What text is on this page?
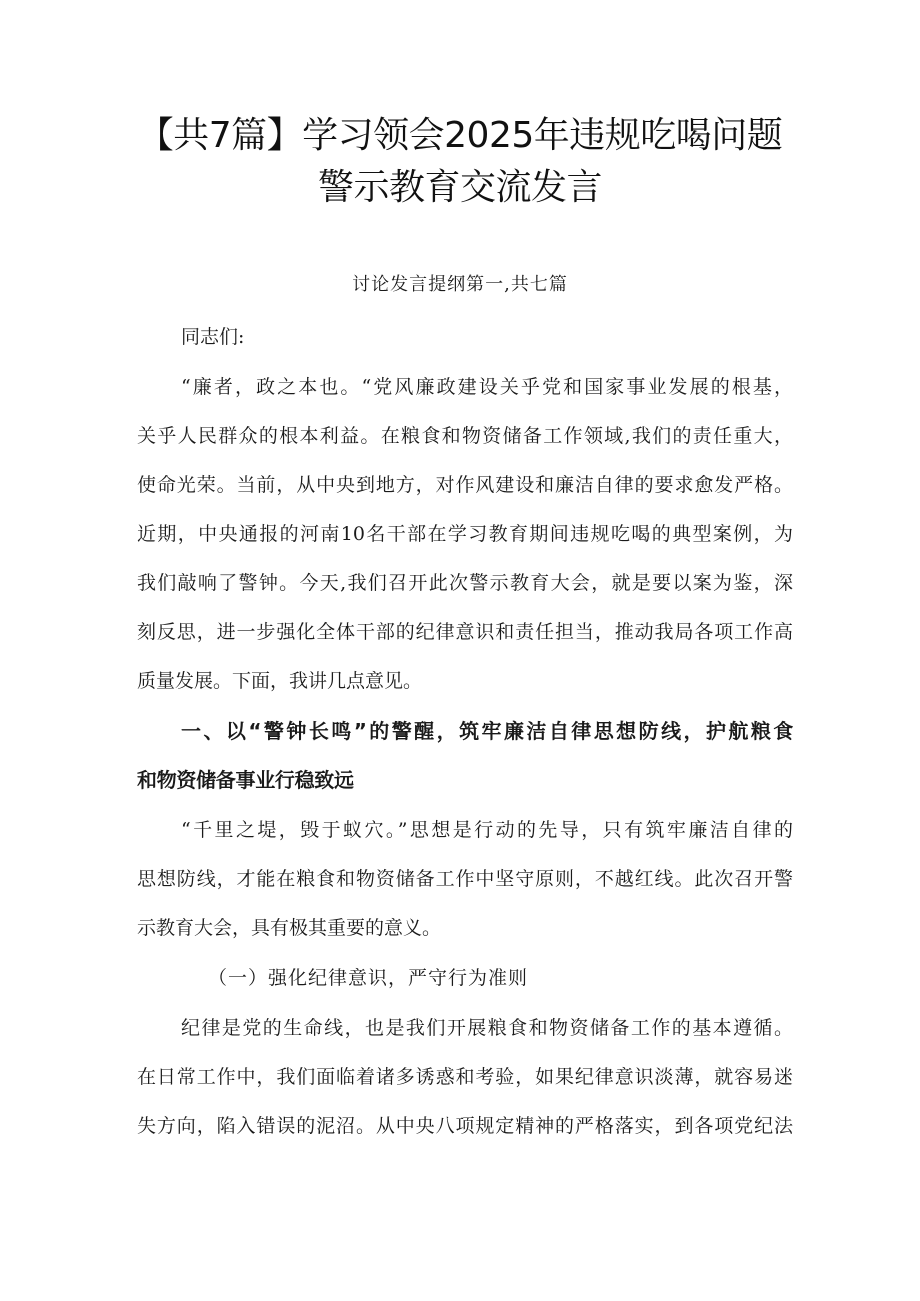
【共7篇】学习领会2025年违规吃喝问题
警示教育交流发言
讨论发言提纲第一,共七篇
同志们:
“廉者，政之本也。“党风廉政建设关乎党和国家事业发展的根基，
关乎人民群众的根本利益。在粮食和物资储备工作领域,我们的责任重大，
使命光荣。当前，从中央到地方，对作风建设和廉洁自律的要求愈发严格。
近期，中央通报的河南10名干部在学习教育期间违规吃喝的典型案例，为
我们敲响了警钟。今天,我们召开此次警示教育大会，就是要以案为鉴，深
刻反思，进一步强化全体干部的纪律意识和责任担当，推动我局各项工作高
质量发展。下面，我讲几点意见。
一、以“警钟长鸣”的警醒，筑牢廉洁自律思想防线，护航粮食
和物资储备事业行稳致远
“千里之堤，毁于蚁穴。”思想是行动的先导，只有筑牢廉洁自律的
思想防线，才能在粮食和物资储备工作中坚守原则，不越红线。此次召开警
示教育大会，具有极其重要的意义。
（一）强化纪律意识，严守行为准则
纪律是党的生命线，也是我们开展粮食和物资储备工作的基本遵循。
在日常工作中，我们面临着诸多诱惑和考验，如果纪律意识淡薄，就容易迷
失方向，陷入错误的泥沼。从中央八项规定精神的严格落实，到各项党纪法
